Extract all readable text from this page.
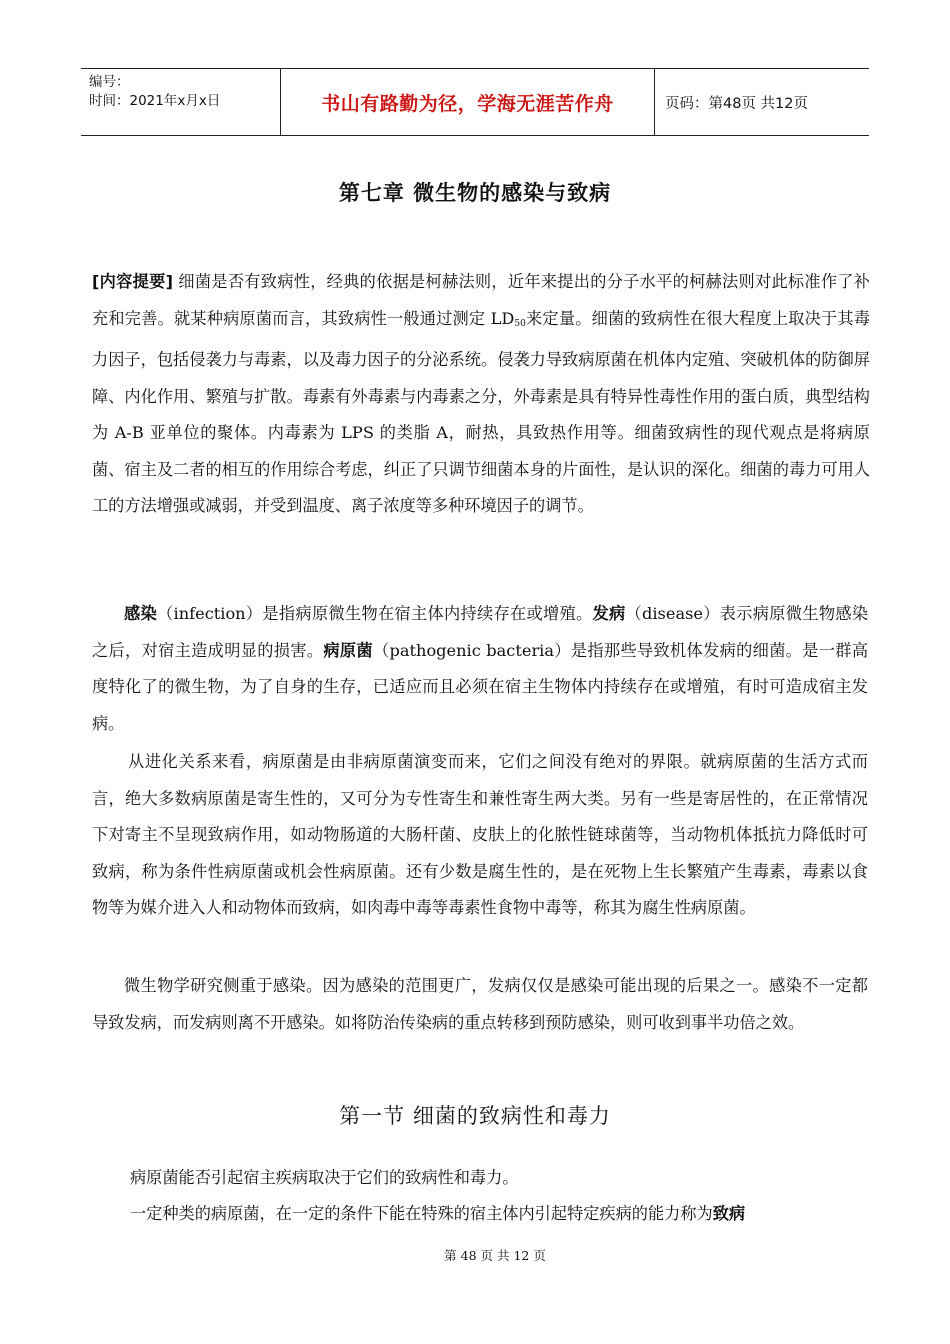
编号：
时间：2021年x月x日	书山有路勤为径，学海无涯苦作舟	页码：第48页 共12页
第七章 微生物的感染与致病

[内容提要] 细菌是否有致病性，经典的依据是柯赫法则，近年来提出的分子水平的柯赫法则对此标准作了补充和完善。就某种病原菌而言，其致病性一般通过测定 $LD_{50}$来定量。细菌的致病性在很大程度上取决于其毒力因子，包括侵袭力与毒素，以及毒力因子的分泌系统。侵袭力导致病原菌在机体内定殖、突破机体的防御屏障、内化作用、繁殖与扩散。毒素有外毒素与内毒素之分，外毒素是具有特异性毒性作用的蛋白质，典型结构为 A-B 亚单位的聚体。内毒素为 LPS 的类脂 A，耐热，具致热作用等。细菌致病性的现代观点是将病原菌、宿主及二者的相互的作用综合考虑，纠正了只调节细菌本身的片面性，是认识的深化。细菌的毒力可用人工的方法增强或减弱，并受到温度、离子浓度等多种环境因子的调节。

感染（infection）是指病原微生物在宿主体内持续存在或增殖。发病（disease）表示病原微生物感染之后，对宿主造成明显的损害。病原菌（pathogenic bacteria）是指那些导致机体发病的细菌。是一群高度特化了的微生物，为了自身的生存，已适应而且必须在宿主生物体内持续存在或增殖，有时可造成宿主发病。

从进化关系来看，病原菌是由非病原菌演变而来，它们之间没有绝对的界限。就病原菌的生活方式而言，绝大多数病原菌是寄生性的，又可分为专性寄生和兼性寄生两大类。另有一些是寄居性的，在正常情况下对寄主不呈现致病作用，如动物肠道的大肠杆菌、皮肤上的化脓性链球菌等，当动物机体抵抗力降低时可致病，称为条件性病原菌或机会性病原菌。还有少数是腐生性的，是在死物上生长繁殖产生毒素，毒素以食物等为媒介进入人和动物体而致病，如肉毒中毒等毒素性食物中毒等，称其为腐生性病原菌。

微生物学研究侧重于感染。因为感染的范围更广，发病仅仅是感染可能出现的后果之一。感染不一定都导致发病，而发病则离不开感染。如将防治传染病的重点转移到预防感染，则可收到事半功倍之效。

第一节 细菌的致病性和毒力

病原菌能否引起宿主疾病取决于它们的致病性和毒力。

一定种类的病原菌，在一定的条件下能在特殊的宿主体内引起特定疾病的能力称为致病

第 48 页 共 12 页
